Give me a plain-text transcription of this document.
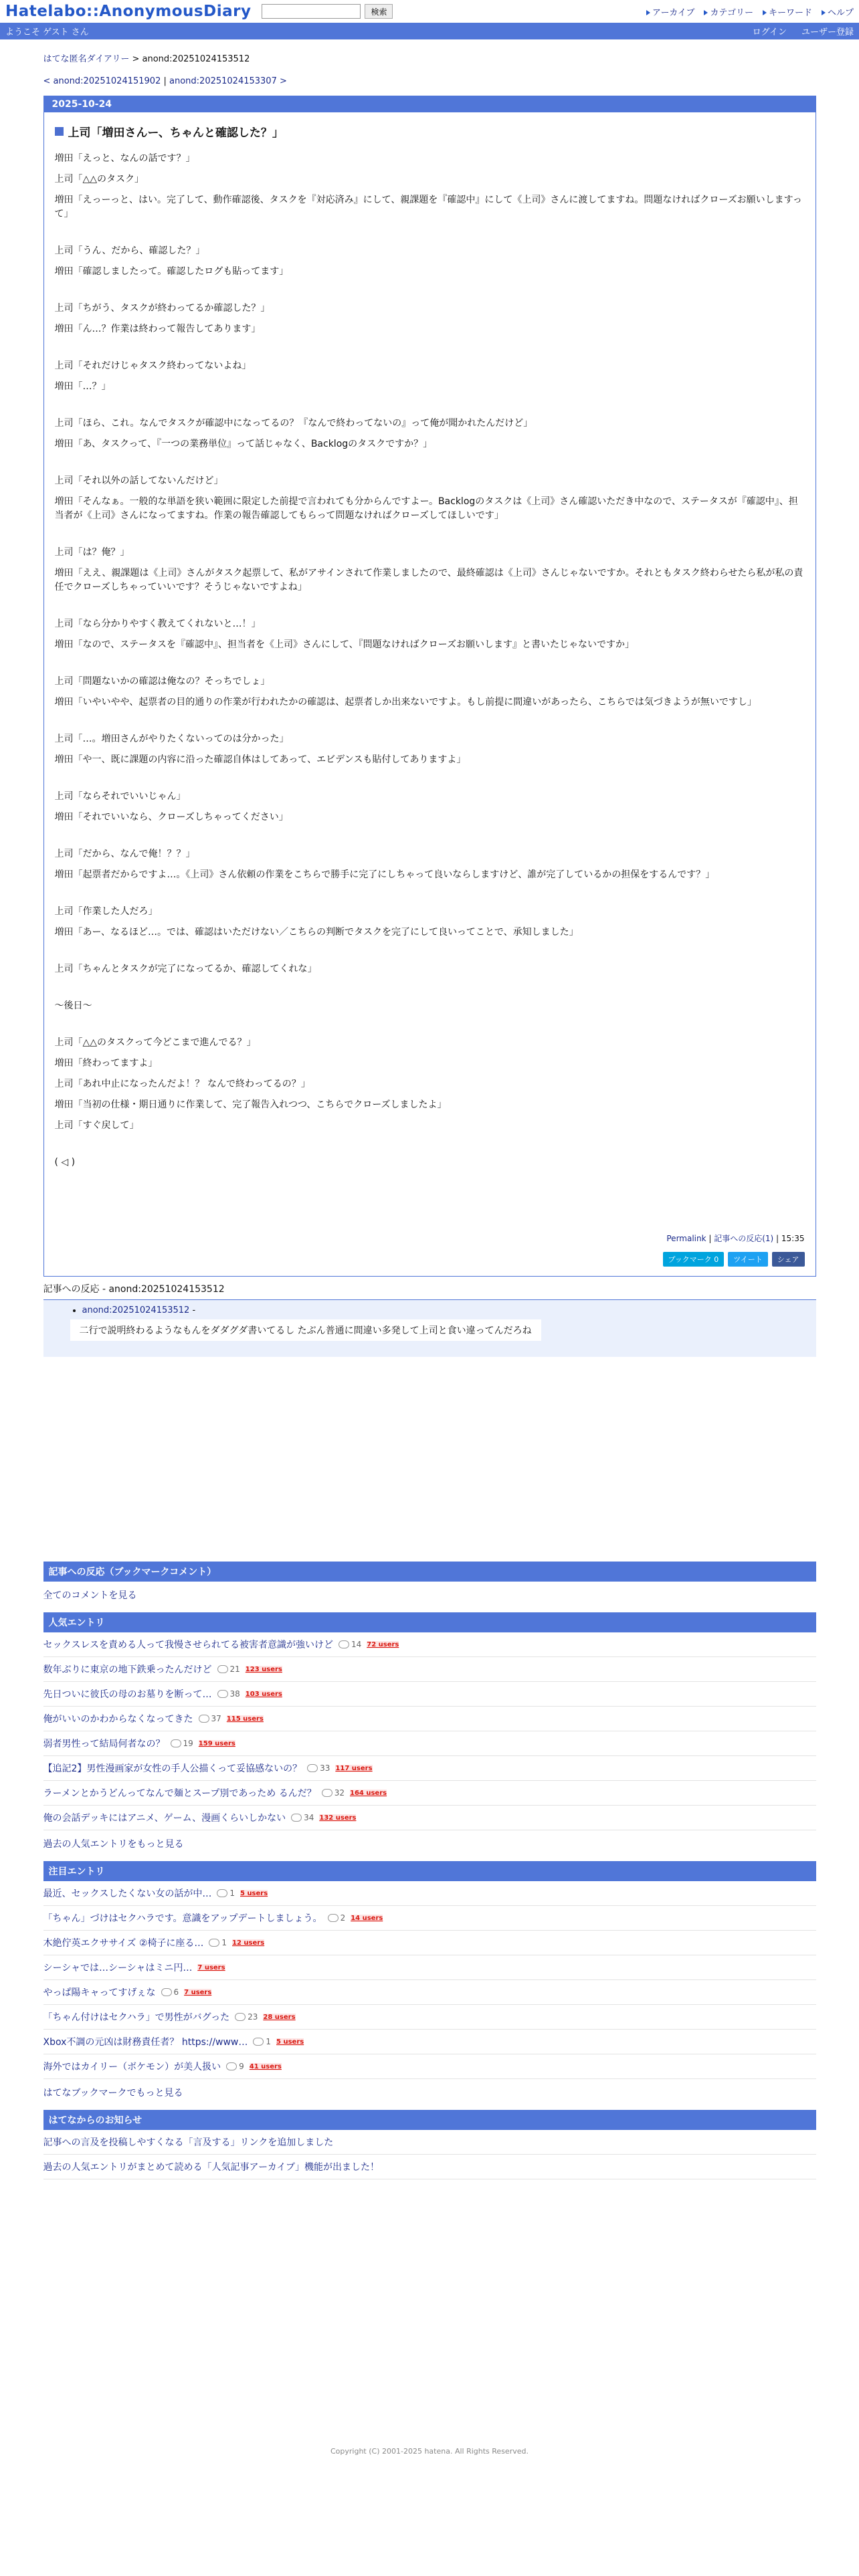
Hatelabo::AnonymousDiary	検索	アーカイブ	カテゴリー	キーワード	ヘルプ
ようこそ ゲスト さん	ログイン ユーザー登録
はてな匿名ダイアリー > anond:20251024153512
< anond:20251024151902 | anond:20251024153307 >
2025-10-24
上司「増田さんー、ちゃんと確認した？」

増田「えっと、なんの話です？」

上司「△△のタスク」

増田「えっーっと、はい。完了して、動作確認後、タスクを『対応済み』にして、親課題を『確認中』にして《上司》さんに渡してますね。問題なければクローズお願いしますって」

上司「うん、だから、確認した？」

増田「確認しましたって。確認したログも貼ってます」

上司「ちがう、タスクが終わってるか確認した？」

増田「ん…？作業は終わって報告してあります」

上司「それだけじゃタスク終わってないよね」

増田「…？」

上司「ほら、これ。なんでタスクが確認中になってるの？『なんで終わってないの』って俺が聞かれたんだけど」

増田「あ、タスクって、『一つの業務単位』って話じゃなく、Backlogのタスクですか？」

上司「それ以外の話してないんだけど」

増田「そんなぁ。一般的な単語を狭い範囲に限定した前提で言われても分からんですよー。Backlogのタスクは《上司》さん確認いただき中なので、ステータスが『確認中』、担当者が《上司》さんになってますね。作業の報告確認してもらって問題なければクローズしてほしいです」

上司「は？俺？」

増田「ええ、親課題は《上司》さんがタスク起票して、私がアサインされて作業しましたので、最終確認は《上司》さんじゃないですか。それともタスク終わらせたら私が私の責任でクローズしちゃっていいです？そうじゃないですよね」

上司「なら分かりやすく教えてくれないと…！」

増田「なので、ステータスを『確認中』、担当者を《上司》さんにして、『問題なければクローズお願いします』と書いたじゃないですか」

上司「問題ないかの確認は俺なの？そっちでしょ」

増田「いやいやや、起票者の目的通りの作業が行われたかの確認は、起票者しか出来ないですよ。もし前提に間違いがあったら、こちらでは気づきようが無いですし」

上司「…。増田さんがやりたくないってのは分かった」

増田「や一、既に課題の内容に沿った確認自体はしてあって、エビデンスも貼付してありますよ」

上司「ならそれでいいじゃん」

増田「それでいいなら、クローズしちゃってください」

上司「だから、なんで俺！？？」

増田「起票者だからですよ…。《上司》さん依頼の作業をこちらで勝手に完了にしちゃって良いならしますけど、誰が完了しているかの担保をするんです？」

上司「作業した人だろ」

増田「あー、なるほど…。では、確認はいただけない／こちらの判断でタスクを完了にして良いってことで、承知しました」

上司「ちゃんとタスクが完了になってるか、確認してくれな」

〜後日〜

上司「△△のタスクって今どこまで進んでる？」

増田「終わってますよ」

上司「あれ中止になったんだよ！？ なんで終わってるの？」

増田「当初の仕様・期日通りに作業して、完了報告入れつつ、こちらでクローズしましたよ」

上司「すぐ戻して」

( ◁ )

Permalink | 記事への反応(1) | 15:35
ブックマーク 0	ツイート	シェア
記事への反応 - anond:20251024153512
• anond:20251024153512 -
二行で説明終わるようなもんをダダグダ書いてるし たぶん普通に間違い多発して上司と食い違ってんだろね
記事への反応（ブックマークコメント）
全てのコメントを見る
人気エントリ
セックスレスを責める人って我慢させられてる被害者意識が強いけど	14 72 users
数年ぶりに東京の地下鉄乗ったんだけど	21 123 users
先日ついに彼氏の母のお墓りを断って…	38 103 users
俺がいいのかわからなくなってきた	37 115 users
弱者男性って結局何者なの？	19 159 users
【追記2】男性漫画家が女性の手人公描くって妥協感ないの？	33 117 users
ラーメンとかうどんってなんで麺とスープ別であっため るんだ？	32 164 users
俺の会話デッキにはアニメ、ゲーム、漫画くらいしかない	34 132 users
過去の人気エントリをもっと見る
注目エントリ
最近、セックスしたくない女の話が中…	1 5 users
「ちゃん」づけはセクハラです。意識をアップデートしましょう。	2 14 users
木絶佇英エクササイズ ②椅子に座る…	1 12 users
シーシャでは…シーシャはミニ円… 7 users
やっぱ陽キャってすげぇな	6 7 users
「ちゃん付けはセクハラ」で男性がバグった	23 28 users
Xbox不調の元凶は財務責任者？ https://www…	1 5 users
海外ではカイリー（ボケモン）が美人扱い	9 41 users
はてなブックマークでもっと見る
はてなからのお知らせ
記事への言及を投稿しやすくなる「言及する」リンクを追加しました
過去の人気エントリがまとめて読める「人気記事アーカイブ」機能が出ました！
Copyright (C) 2001-2025 hatena. All Rights Reserved.
